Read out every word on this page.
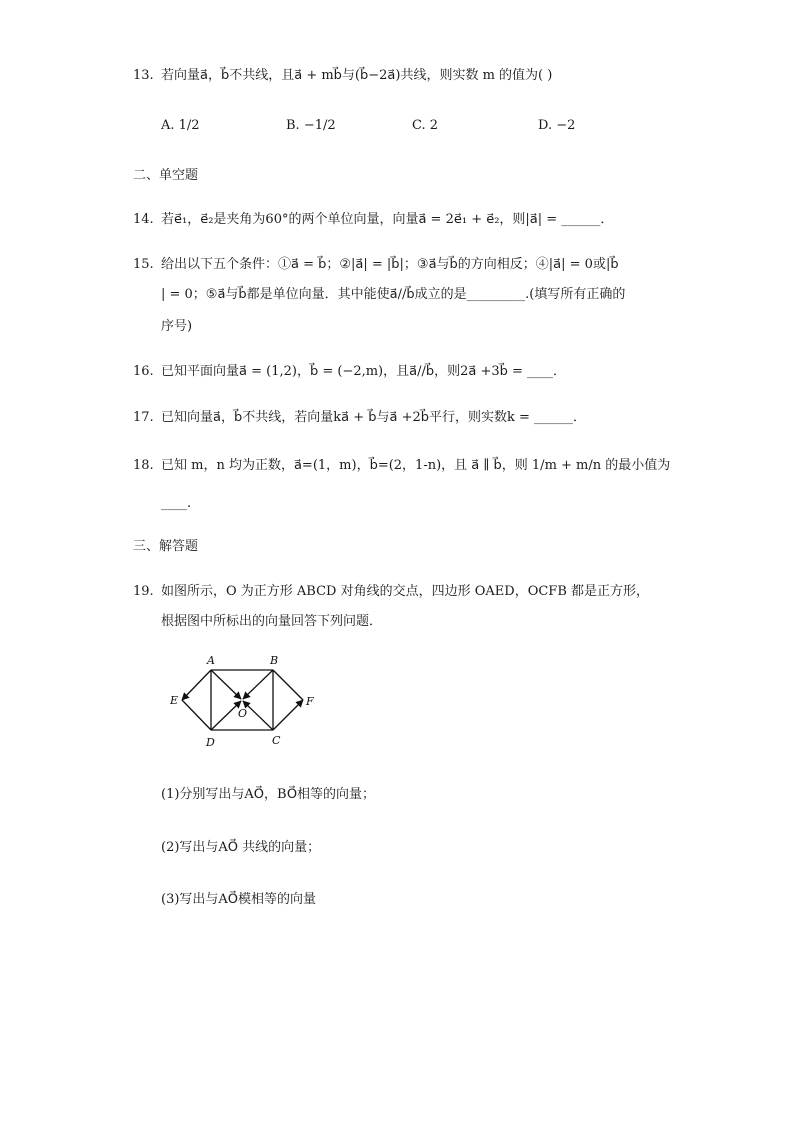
13. 若向量a⃗，b⃗不共线，且a⃗ + mb⃗与(b⃗−2a⃗)共线，则实数 m 的值为( )
A. 1/2	B. −1/2	C. 2	D. −2
二、单空题
14. 若e⃗₁，e⃗₂是夹角为60°的两个单位向量，向量a⃗ = 2e⃗₁ + e⃗₂，则|a⃗| = ______．
15. 给出以下五个条件：①a⃗ = b⃗；②|a⃗| = |b⃗|；③a⃗与b⃗的方向相反；④|a⃗| = 0或|b⃗
| = 0；⑤a⃗与b⃗都是单位向量．其中能使a⃗//b⃗成立的是_________.(填写所有正确的
序号)
16. 已知平面向量a⃗ = (1,2)，b⃗ = (−2,m)，且a⃗//b⃗，则2a⃗ +3b⃗ = ____．
17. 已知向量a⃗，b⃗不共线，若向量ka⃗ + b⃗与a⃗ +2b⃗平行，则实数k = ______．
18. 已知 m，n 均为正数，a⃗=(1，m)，b⃗=(2，1-n)，且 a⃗ ∥ b⃗，则 1/m + m/n 的最小值为
____.
三、解答题
19. 如图所示，O 为正方形 ABCD 对角线的交点，四边形 OAED，OCFB 都是正方形，
根据图中所标出的向量回答下列问题．
A	B
C
D
E	F
O
(1)分别写出与AO⃗，BO⃗相等的向量；
(2)写出与AO⃗ 共线的向量；
(3)写出与AO⃗模相等的向量
